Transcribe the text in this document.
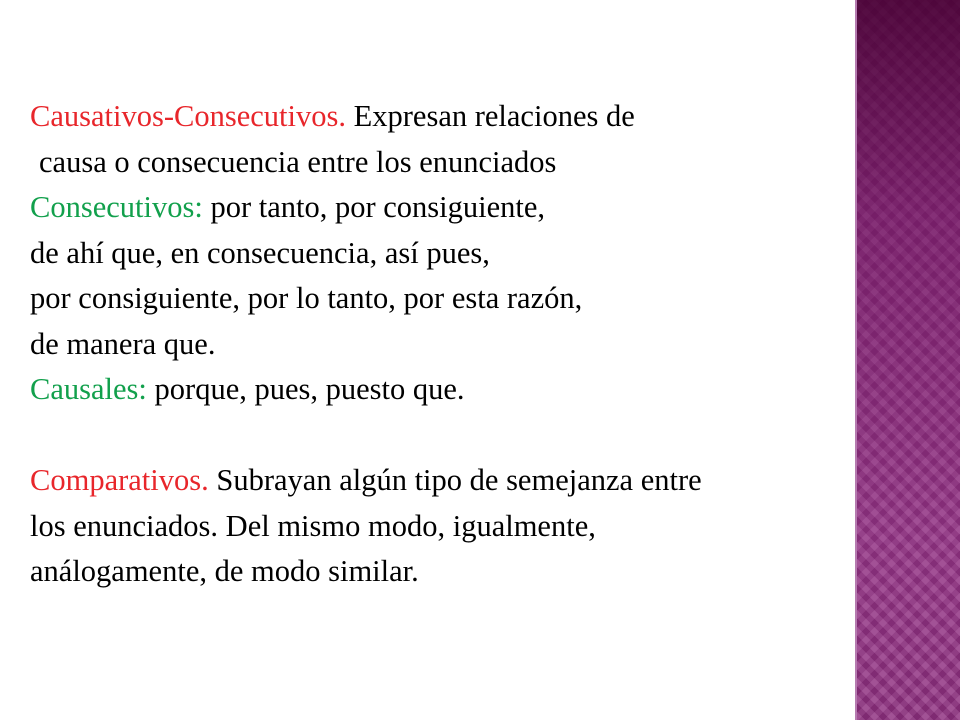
Causativos-Consecutivos. Expresan relaciones de
causa o consecuencia entre los enunciados
Consecutivos: por tanto, por consiguiente,
de ahí que, en consecuencia, así pues,
por consiguiente, por lo tanto, por esta razón,
de manera que.
Causales: porque, pues, puesto que.
Comparativos. Subrayan algún tipo de semejanza entre
los enunciados. Del mismo modo, igualmente,
análogamente, de modo similar.
